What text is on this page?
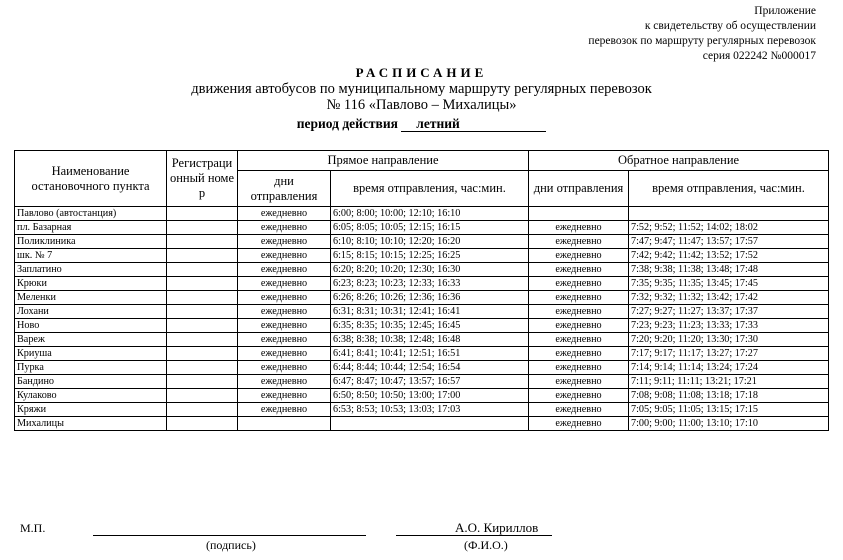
Приложение
к свидетельству об осуществлении
перевозок по маршруту регулярных перевозок
серия 022242 №000017
РАСПИСАНИЕ
движения автобусов по муниципальному маршруту регулярных перевозок
№ 116 «Павлово – Михалицы»
период действия летний
Наименование остановочного пункта	Регистрационный номер	Прямое направление		Обратное направление	
		дни отправления	время отправления, час:мин.	дни отправления	время отправления, час:мин.
Павлово (автостанция)		ежедневно	6:00; 8:00; 10:00; 12:10; 16:10		
пл. Базарная		ежедневно	6:05; 8:05; 10:05; 12:15; 16:15	ежедневно	7:52; 9:52; 11:52; 14:02; 18:02
Поликлиника		ежедневно	6:10; 8:10; 10:10; 12:20; 16:20	ежедневно	7:47; 9:47; 11:47; 13:57; 17:57
шк. № 7		ежедневно	6:15; 8:15; 10:15; 12:25; 16:25	ежедневно	7:42; 9:42; 11:42; 13:52; 17:52
Заплатино		ежедневно	6:20; 8:20; 10:20; 12:30; 16:30	ежедневно	7:38; 9:38; 11:38; 13:48; 17:48
Крюки		ежедневно	6:23; 8:23; 10:23; 12:33; 16:33	ежедневно	7:35; 9:35; 11:35; 13:45; 17:45
Меленки		ежедневно	6:26; 8:26; 10:26; 12:36; 16:36	ежедневно	7:32; 9:32; 11:32; 13:42; 17:42
Лохани		ежедневно	6:31; 8:31; 10:31; 12:41; 16:41	ежедневно	7:27; 9:27; 11:27; 13:37; 17:37
Ново		ежедневно	6:35; 8:35; 10:35; 12:45; 16:45	ежедневно	7:23; 9:23; 11:23; 13:33; 17:33
Вареж		ежедневно	6:38; 8:38; 10:38; 12:48; 16:48	ежедневно	7:20; 9:20; 11:20; 13:30; 17:30
Криуша		ежедневно	6:41; 8:41; 10:41; 12:51; 16:51	ежедневно	7:17; 9:17; 11:17; 13:27; 17:27
Пурка		ежедневно	6:44; 8:44; 10:44; 12:54; 16:54	ежедневно	7:14; 9:14; 11:14; 13:24; 17:24
Бандино		ежедневно	6:47; 8:47; 10:47; 13:57; 16:57	ежедневно	7:11; 9:11; 11:11; 13:21; 17:21
Кулаково		ежедневно	6:50; 8:50; 10:50; 13:00; 17:00	ежедневно	7:08; 9:08; 11:08; 13:18; 17:18
Кряжи		ежедневно	6:53; 8:53; 10:53; 13:03; 17:03	ежедневно	7:05; 9:05; 11:05; 13:15; 17:15
Михалицы				ежедневно	7:00; 9:00; 11:00; 13:10; 17:10
М.П.
(подпись)
А.О. Кириллов
(Ф.И.О.)
